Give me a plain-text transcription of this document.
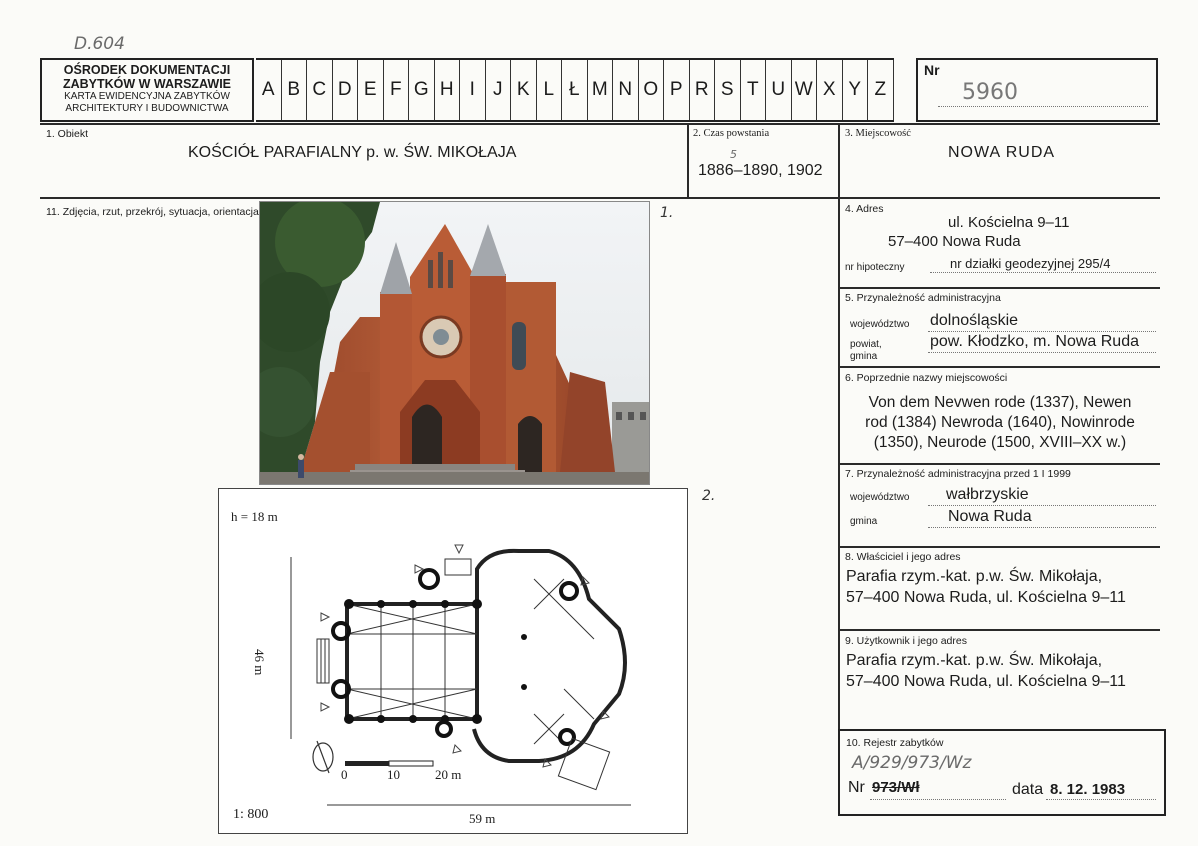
D.604
OŚRODEK DOKUMENTACJI
ZABYTKÓW W WARSZAWIE
KARTA EWIDENCYJNA ZABYTKÓW
ARCHITEKTURY I BUDOWNICTWA
A B C D E F G H I J K L Ł M N O P R S T U W X Y Z
Nr
5960
1. Obiekt
KOŚCIÓŁ PARAFIALNY p. w. ŚW. MIKOŁAJA
2. Czas powstania
5
1886–1890, 1902
3. Miejscowość
NOWA RUDA
11. Zdjęcia, rzut, przekrój, sytuacja, orientacja	4. Adres
ul. Kościelna 9–11
57–400 Nowa Ruda
nr hipoteczny	nr działki geodezyjnej 295/4
5. Przynależność administracyjna
województwo dolnośląskie
powiat,
gmina
pow. Kłodzko, m. Nowa Ruda
6. Poprzednie nazwy miejscowości
Von dem Nevwen rode (1337), Newen
rod (1384) Newroda (1640), Nowinrode
(1350), Neurode (1500, XVIII–XX w.)
7. Przynależność administracyjna przed 1 I 1999
województwo wałbrzyskie
gmina	Nowa Ruda
8. Właściciel i jego adres
Parafia rzym.-kat. p.w. Św. Mikołaja,
57–400 Nowa Ruda, ul. Kościelna 9–11
9. Użytkownik i jego adres
Parafia rzym.-kat. p.w. Św. Mikołaja,
57–400 Nowa Ruda, ul. Kościelna 9–11
10. Rejestr zabytków
A/929/973/Wz
Nr 973/Wł	data 8. 12. 1983
1.
h = 18 m
46 m
1: 800	59 m
0	10	20 m
2.
